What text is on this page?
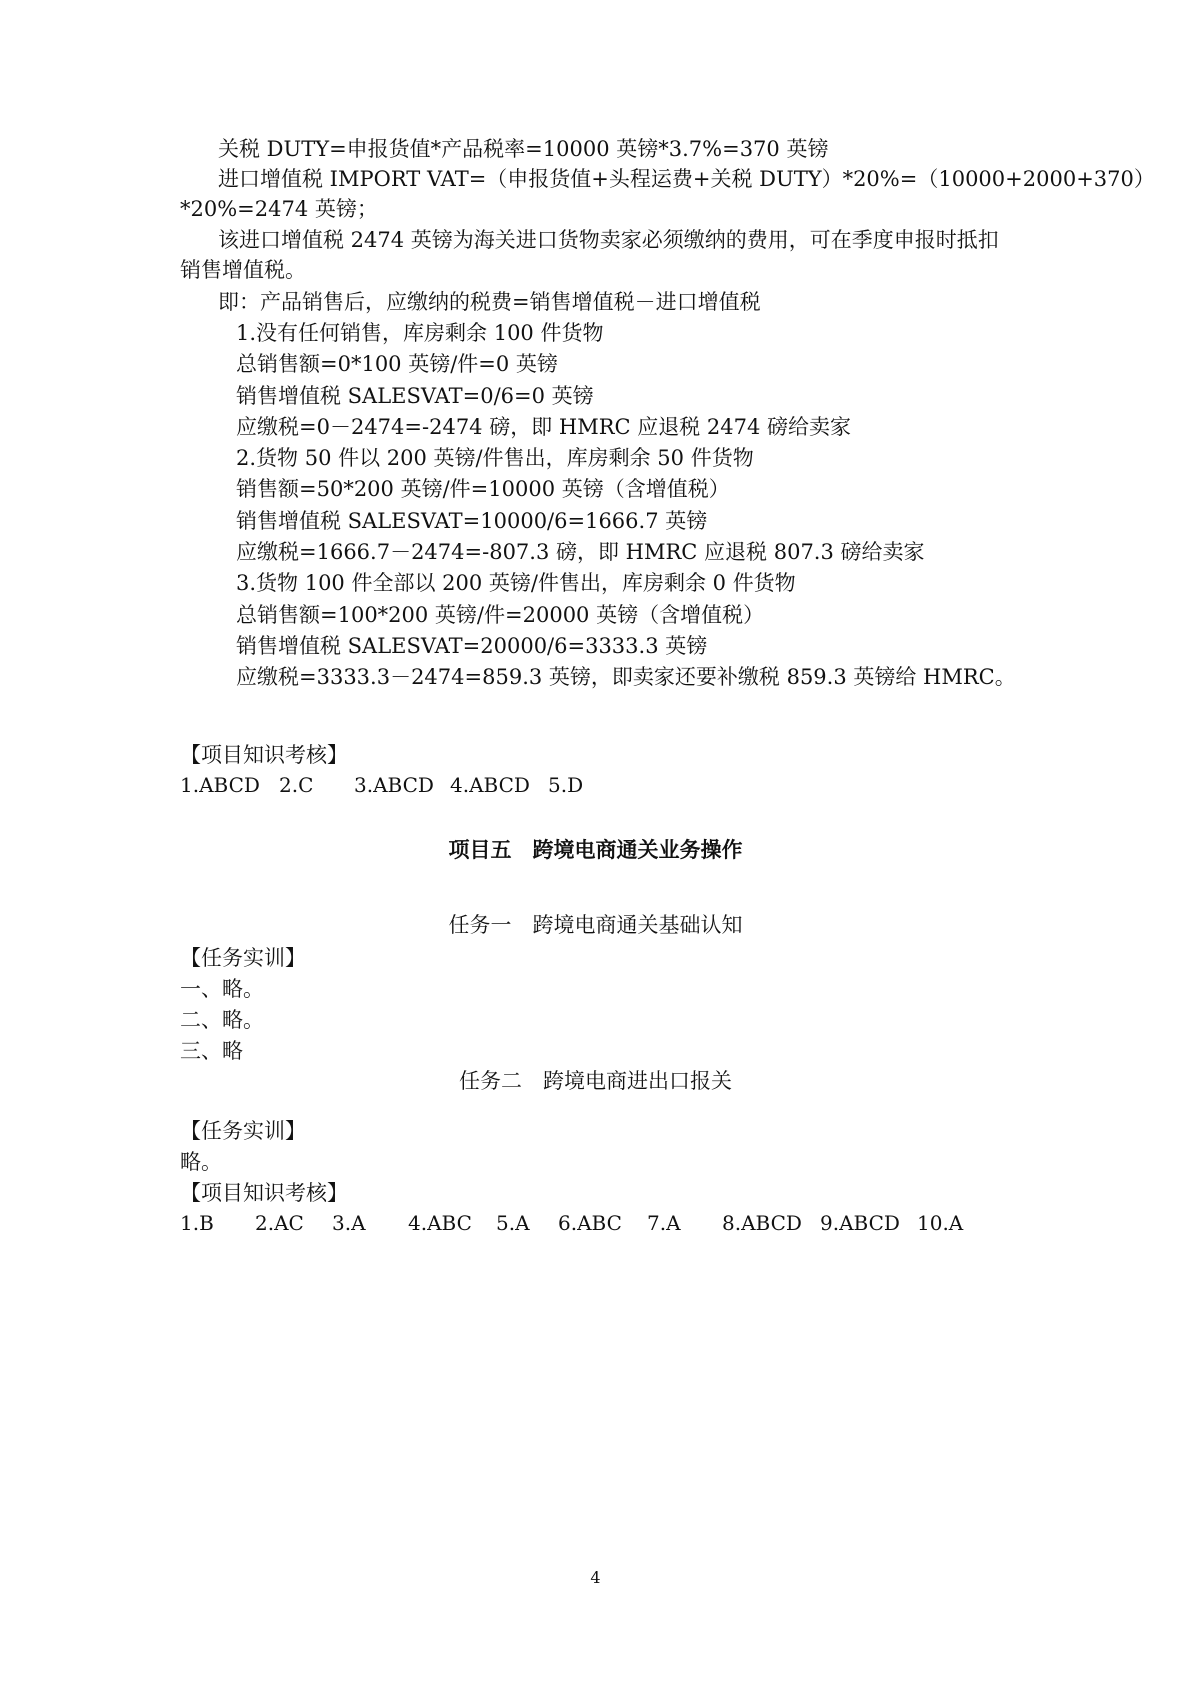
关税 DUTY=申报货值*产品税率=10000 英镑*3.7%=370 英镑
进口增值税 IMPORT VAT=（申报货值+头程运费+关税 DUTY）*20%=（10000+2000+370）
*20%=2474 英镑；
该进口增值税 2474 英镑为海关进口货物卖家必须缴纳的费用，可在季度申报时抵扣
销售增值税。
即：产品销售后，应缴纳的税费=销售增值税－进口增值税
1.没有任何销售，库房剩余 100 件货物
总销售额=0*100 英镑/件=0 英镑
销售增值税 SALESVAT=0/6=0 英镑
应缴税=0－2474=-2474 磅，即 HMRC 应退税 2474 磅给卖家
2.货物 50 件以 200 英镑/件售出，库房剩余 50 件货物
销售额=50*200 英镑/件=10000 英镑（含增值税）
销售增值税 SALESVAT=10000/6=1666.7 英镑
应缴税=1666.7－2474=-807.3 磅，即 HMRC 应退税 807.3 磅给卖家
3.货物 100 件全部以 200 英镑/件售出，库房剩余 0 件货物
总销售额=100*200 英镑/件=20000 英镑（含增值税）
销售增值税 SALESVAT=20000/6=3333.3 英镑
应缴税=3333.3－2474=859.3 英镑，即卖家还要补缴税 859.3 英镑给 HMRC。
【项目知识考核】
1.ABCD 2.C 3.ABCD 4.ABCD 5.D
项目五　跨境电商通关业务操作
任务一　跨境电商通关基础认知
【任务实训】
一、略。
二、略。
三、略
任务二　跨境电商进出口报关
【任务实训】
略。
【项目知识考核】
1.B 2.AC 3.A 4.ABC 5.A 6.ABC 7.A 8.ABCD 9.ABCD 10.A
4
